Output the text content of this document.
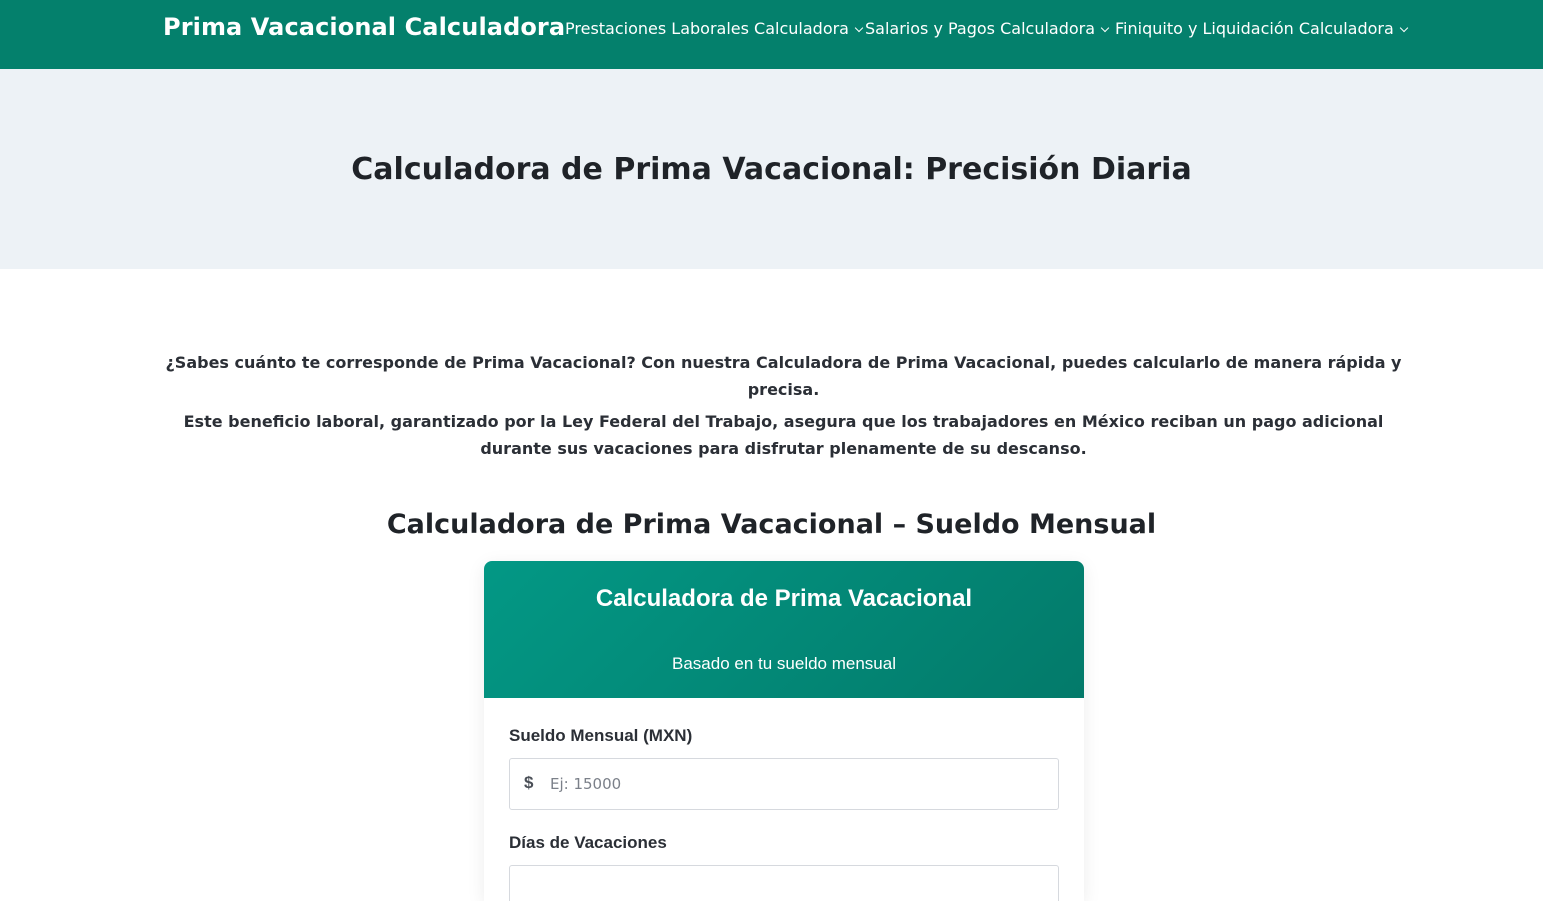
Prima Vacacional Calculadora Prestaciones Laborales Calculadora Salarios y Pagos Calculadora Finiquito y Liquidación Calculadora
Calculadora de Prima Vacacional: Precisión Diaria

¿Sabes cuánto te corresponde de Prima Vacacional? Con nuestra Calculadora de Prima Vacacional, puedes calcularlo de manera rápida y precisa.

Este beneficio laboral, garantizado por la Ley Federal del Trabajo, asegura que los trabajadores en México reciban un pago adicional durante sus vacaciones para disfrutar plenamente de su descanso.

Calculadora de Prima Vacacional – Sueldo Mensual
Calculadora de Prima Vacacional
Basado en tu sueldo mensual
Sueldo Mensual (MXN)
$
Ej: 15000
Días de Vacaciones
